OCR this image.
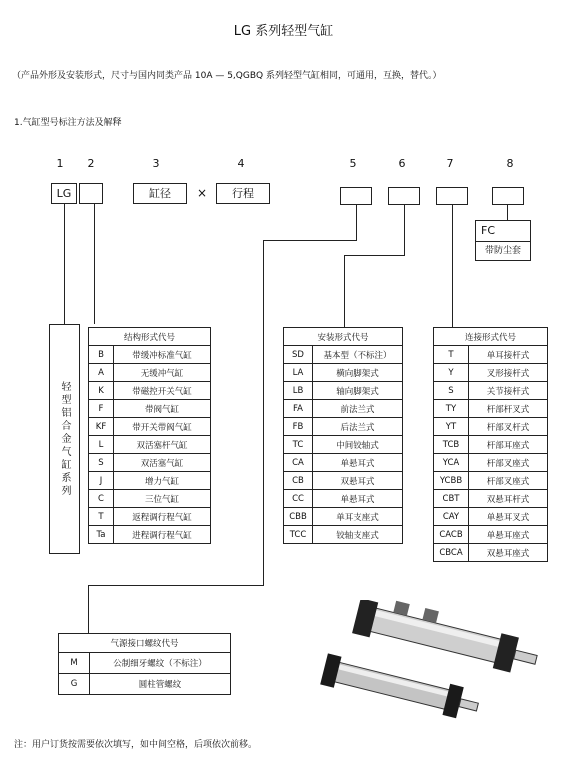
LG 系列轻型气缸
（产品外形及安装形式，尺寸与国内同类产品 10A — 5,QGBQ 系列轻型气缸相同，可通用，互换，替代。）
1.气缸型号标注方法及解释
1	2	3	4	5	6	7	8
LG	缸径	×	行程
FC
带防尘套
轻型铝合金气缸系列
结构形式代号	
B	带缓冲标准气缸
A	无缓冲气缸
K	带磁控开关气缸
F	带阀气缸
KF	带开关带阀气缸
L	双活塞杆气缸
S	双活塞气缸
J	增力气缸
C	三位气缸
T	返程调行程气缸
Ta	进程调行程气缸
安装形式代号	
SD	基本型（不标注）
LA	横向脚架式
LB	轴向脚架式
FA	前法兰式
FB	后法兰式
TC	中间铰轴式
CA	单悬耳式
CB	双悬耳式
CC	单悬耳式
CBB	单耳支座式
TCC	铰轴支座式
连接形式代号	
T	单耳接杆式
Y	叉形接杆式
S	关节接杆式
TY	杆部杆叉式
YT	杆部叉杆式
TCB	杆部耳座式
YCA	杆部叉座式
YCBB	杆部叉座式
CBT	双悬耳杆式
CAY	单悬耳叉式
CACB	单悬耳座式
CBCA	双悬耳座式
气源接口螺纹代号	
M	公制细牙螺纹（不标注）
G	圆柱管螺纹
注：用户订货按需要依次填写，如中间空格，后项依次前移。
